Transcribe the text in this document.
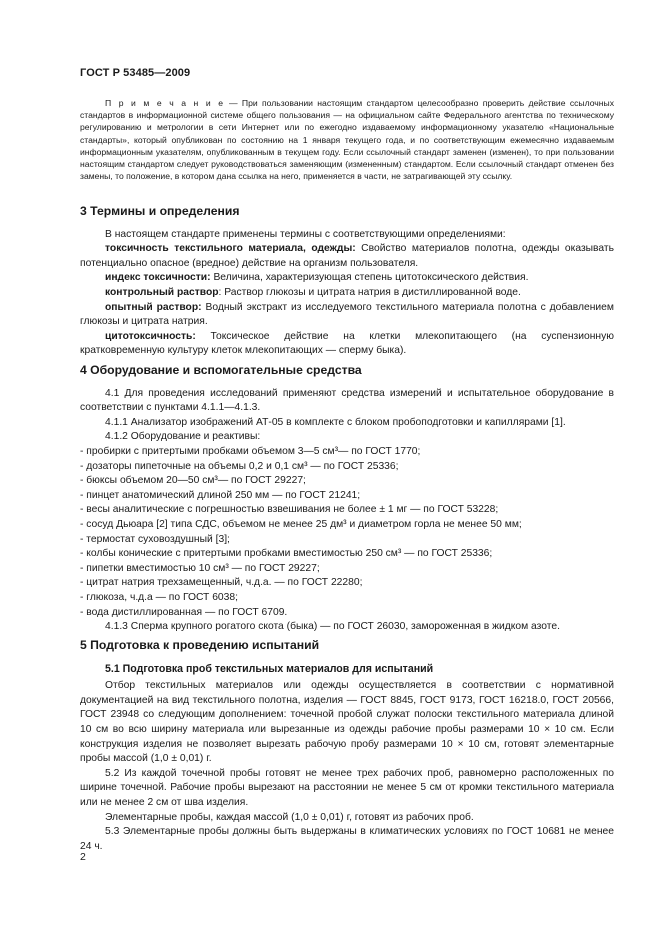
ГОСТ Р 53485—2009

П р и м е ч а н и е — При пользовании настоящим стандартом целесообразно проверить действие ссылочных стандартов в информационной системе общего пользования — на официальном сайте Федерального агентства по техническому регулированию и метрологии в сети Интернет или по ежегодно издаваемому информационному указателю «Национальные стандарты», который опубликован по состоянию на 1 января текущего года, и по соответствующим ежемесячно издаваемым информационным указателям, опубликованным в текущем году. Если ссылочный стандарт заменен (изменен), то при пользовании настоящим стандартом следует руководствоваться заменяющим (измененным) стандартом. Если ссылочный стандарт отменен без замены, то положение, в котором дана ссылка на него, применяется в части, не затрагивающей эту ссылку.

3 Термины и определения

В настоящем стандарте применены термины с соответствующими определениями:

токсичность текстильного материала, одежды: Свойство материалов полотна, одежды оказывать потенциально опасное (вредное) действие на организм пользователя.

индекс токсичности: Величина, характеризующая степень цитотоксического действия.

контрольный раствор: Раствор глюкозы и цитрата натрия в дистиллированной воде.

опытный раствор: Водный экстракт из исследуемого текстильного материала полотна с добавлением глюкозы и цитрата натрия.

цитотоксичность: Токсическое действие на клетки млекопитающего (на суспензионную кратковременную культуру клеток млекопитающих — сперму быка).

4 Оборудование и вспомогательные средства

4.1 Для проведения исследований применяют средства измерений и испытательное оборудование в соответствии с пунктами 4.1.1—4.1.3.

4.1.1 Анализатор изображений АТ-05 в комплекте с блоком пробоподготовки и капиллярами [1].

4.1.2 Оборудование и реактивы:

- пробирки с притертыми пробками объемом 3—5 см³— по ГОСТ 1770;

- дозаторы пипеточные на объемы 0,2 и 0,1 см³ — по ГОСТ 25336;

- бюксы объемом 20—50 см³— по ГОСТ 29227;

- пинцет анатомический длиной 250 мм — по ГОСТ 21241;

- весы аналитические с погрешностью взвешивания не более ± 1 мг — по ГОСТ 53228;

- сосуд Дьюара [2] типа СДС, объемом не менее 25 дм³ и диаметром горла не менее 50 мм;

- термостат суховоздушный [3];

- колбы конические с притертыми пробками вместимостью 250 см³ — по ГОСТ 25336;

- пипетки вместимостью 10 см³ — по ГОСТ 29227;

- цитрат натрия трехзамещенный, ч.д.а. — по ГОСТ 22280;

- глюкоза, ч.д.а — по ГОСТ 6038;

- вода дистиллированная — по ГОСТ 6709.

4.1.3 Сперма крупного рогатого скота (быка) — по ГОСТ 26030, замороженная в жидком азоте.

5 Подготовка к проведению испытаний

5.1 Подготовка проб текстильных материалов для испытаний

Отбор текстильных материалов или одежды осуществляется в соответствии с нормативной документацией на вид текстильного полотна, изделия — ГОСТ 8845, ГОСТ 9173, ГОСТ 16218.0, ГОСТ 20566, ГОСТ 23948 со следующим дополнением: точечной пробой служат полоски текстильного материала длиной 10 см во всю ширину материала или вырезанные из одежды рабочие пробы размерами 10 × 10 см. Если конструкция изделия не позволяет вырезать рабочую пробу размерами 10 × 10 см, готовят элементарные пробы массой (1,0 ± 0,01) г.

5.2 Из каждой точечной пробы готовят не менее трех рабочих проб, равномерно расположенных по ширине точечной. Рабочие пробы вырезают на расстоянии не менее 5 см от кромки текстильного материала или не менее 2 см от шва изделия.

Элементарные пробы, каждая массой (1,0 ± 0,01) г, готовят из рабочих проб.

5.3 Элементарные пробы должны быть выдержаны в климатических условиях по ГОСТ 10681 не менее 24 ч.

2
